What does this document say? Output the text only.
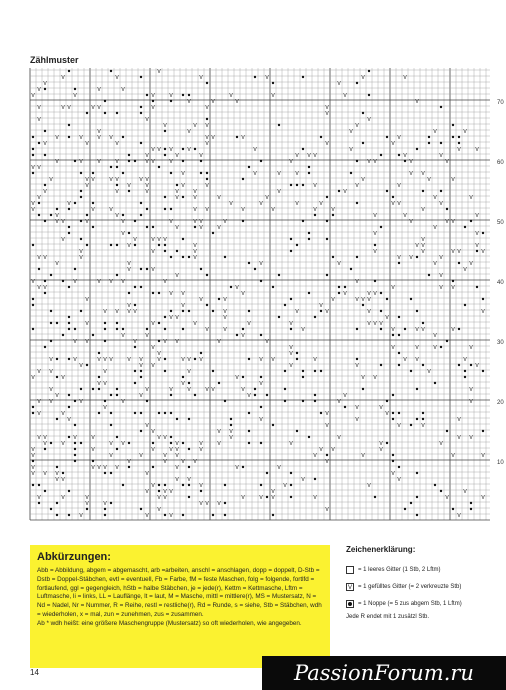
Zählmuster
V
V	V	V	V	V	V
V	V
V	V	V
V	V	V	V	V	V	V
V	V	V	V
V	V V	V V	V	V	V
V
V	V	V
V	V V	V
V	V	V	V	V
V	V	V V	V V	V	V
V	V	V	V	V	V
V V V	V	V	V	V	V
V	V	V	V V V	V	V
V	V	V	V	V V	V	V	V V	V	V
V V
V	V	V	V	V V
V	V V	V V	V V	V	V	V
V	V	V	V	V	V	V	V
V	V	V	V	V	V	V
V	V	V	V	V	V	V
V	V	V	V	V	V	V V	V
V	V	V	V V	V	V	V	V	V
V	V	V	V	V
V V	V	V	V	V V	V	V	V V
V	V	V	V
V	V	V
V	V	V V V	V
V	V	V V	V
V	V	V	V	V	V V	V
V V	V	V	V V	V
V	V	V	V	V	V
V	V	V
V	V
V	V	V V V	V	V
V V	V	V	V V
V V	V	V	V V
V	V	V	V	V V V
V	V	V
V V V V	V	V	V	V	V
V V	V	V
V	V	V	V	V	V V V
V	V	V	V	V V	V
V	V	V	V
V V	V	V V	V	V
V	V	V	V	V	V
V	V
V	V	V V V	V V	V	V V V	V V	V	V V	V
V	V V	V	V	V
V V	V	V	V
V	V	V	V V
V V	V	V
V	V	V	V	V V	V	V
V	V	V	V
V V	V	V	V	V
V	V	V
V	V	V	V
V	V	V	V
V	V	V	V
V	V V
V V	V	V	V V	V	V	V V
V	V	V V	V	V	V	V	V	V
V	V	V	V V	V	V V	V
V	V	V	V V	V	V	V	V
V	V	V V	V
V	V V V V	V	V	V
V V V	V	V
V V	V V	V	V
V	V	V	V
V	V V	V	V
V	V	V	V V	V	V V	V	V	V
V	V	V V V
V	V
V	V	V	V
70
60
50
40
30
20
10
Abkürzungen:

Abb = Abbildung, abgem = abgemascht, arb =arbeiten, anschl = anschlagen, dopp = doppelt, D-Stb = Dstb = Doppel-Stäbchen, evtl = eventuell, Fb = Farbe, fM = feste Maschen, folg = folgende, fortlfd = fortlaufend, ggl = gegengleich, hStb = halbe Stäbchen, je = jede(r), Kettm = Kettmasche, Lftm = Luftmasche, li = links, LL = Lauflänge, lt = laut, M = Masche, mittl = mittlere(r), MS = Mustersatz, N = Nd = Nadel, Nr = Nummer, R = Reihe, restl = restliche(r), Rd = Runde, s = siehe, Stb = Stäbchen, wdh = wiederholen, x = mal, zun = zunehmen, zus = zusammen.

Ab * wdh heißt: eine größere Maschengruppe (Mustersatz) so oft wiederholen, wie angegeben.

Zeichenerklärung:
= 1 leeres Gitter (1 Stb, 2 Lftm)
V	= 1 gefülltes Gitter (= 2 verkreuzte Stb)
= 1 Noppe (= 5 zus abgem Stb, 1 Lftm)
Jede R endet mit 1 zusätzl Stb.
14	PassionForum.ru
